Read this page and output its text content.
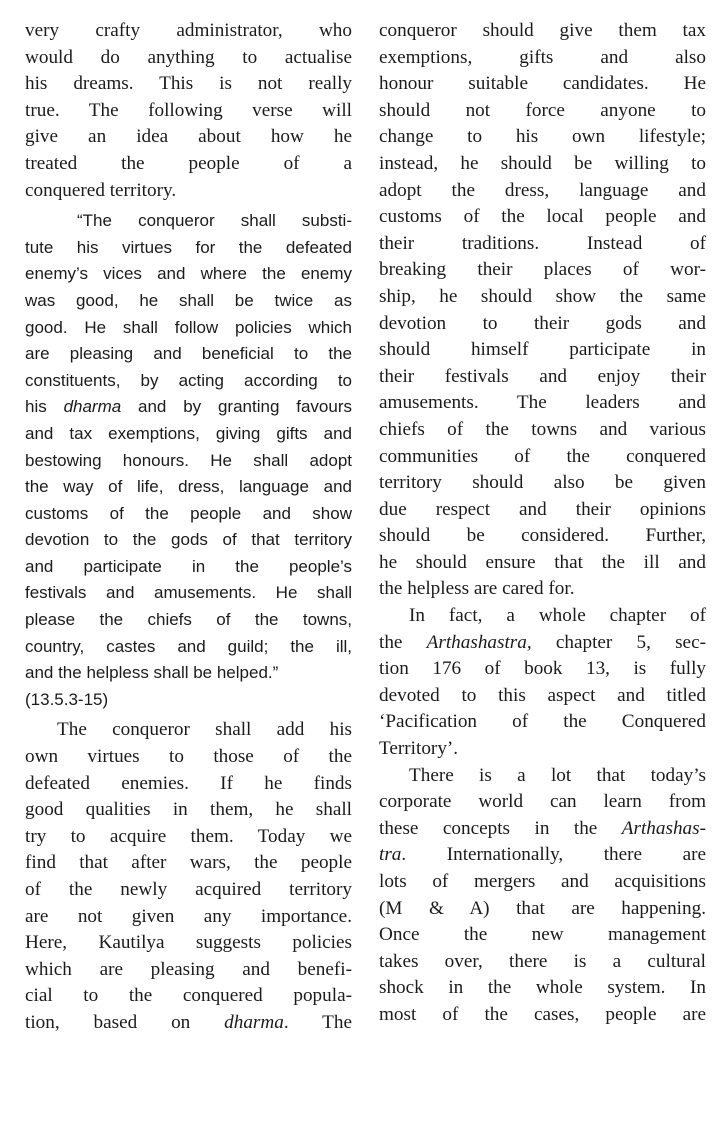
very crafty administrator, who
would do anything to actualise
his dreams. This is not really
true. The following verse will
give an idea about how he
treated the people of a
conquered territory.
“The conqueror shall substi-
tute his virtues for the defeated
enemy’s vices and where the enemy
was good, he shall be twice as
good. He shall follow policies which
are pleasing and beneficial to the
constituents, by acting according to
his dharma and by granting favours
and tax exemptions, giving gifts and
bestowing honours. He shall adopt
the way of life, dress, language and
customs of the people and show
devotion to the gods of that territory
and participate in the people’s
festivals and amusements. He shall
please the chiefs of the towns,
country, castes and guild; the ill,
and the helpless shall be helped.”
(13.5.3-15)
The conqueror shall add his
own virtues to those of the
defeated enemies. If he finds
good qualities in them, he shall
try to acquire them. Today we
find that after wars, the people
of the newly acquired territory
are not given any importance.
Here, Kautilya suggests policies
which are pleasing and benefi-
cial to the conquered popula-
tion, based on dharma. The
conqueror should give them tax
exemptions, gifts and also
honour suitable candidates. He
should not force anyone to
change to his own lifestyle;
instead, he should be willing to
adopt the dress, language and
customs of the local people and
their traditions. Instead of
breaking their places of wor-
ship, he should show the same
devotion to their gods and
should himself participate in
their festivals and enjoy their
amusements. The leaders and
chiefs of the towns and various
communities of the conquered
territory should also be given
due respect and their opinions
should be considered. Further,
he should ensure that the ill and
the helpless are cared for.
In fact, a whole chapter of
the Arthashastra, chapter 5, sec-
tion 176 of book 13, is fully
devoted to this aspect and titled
‘Pacification of the Conquered
Territory’.
There is a lot that today’s
corporate world can learn from
these concepts in the Arthashas-
tra. Internationally, there are
lots of mergers and acquisitions
(M & A) that are happening.
Once the new management
takes over, there is a cultural
shock in the whole system. In
most of the cases, people are
